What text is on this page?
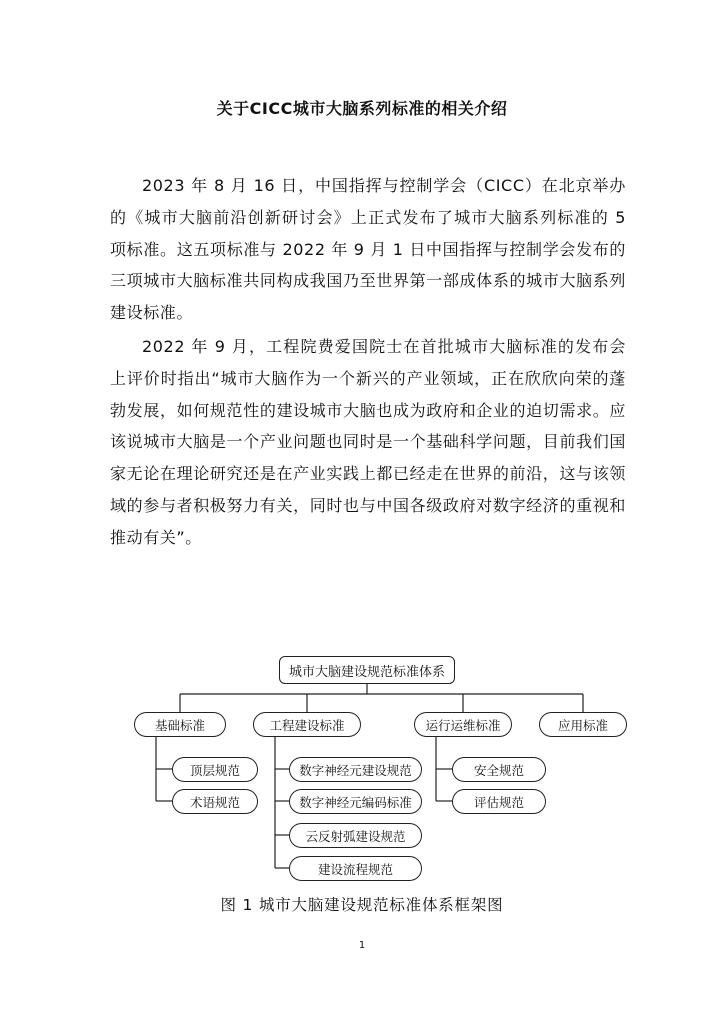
关于CICC城市大脑系列标准的相关介绍

2023 年 8 月 16 日，中国指挥与控制学会（CICC）在北京举办的《城市大脑前沿创新研讨会》上正式发布了城市大脑系列标准的 5 项标准。这五项标准与 2022 年 9 月 1 日中国指挥与控制学会发布的三项城市大脑标准共同构成我国乃至世界第一部成体系的城市大脑系列建设标准。

2022 年 9 月，工程院费爱国院士在首批城市大脑标准的发布会上评价时指出“城市大脑作为一个新兴的产业领域，正在欣欣向荣的蓬勃发展，如何规范性的建设城市大脑也成为政府和企业的迫切需求。应该说城市大脑是一个产业问题也同时是一个基础科学问题，目前我们国家无论在理论研究还是在产业实践上都已经走在世界的前沿，这与该领域的参与者积极努力有关，同时也与中国各级政府对数字经济的重视和推动有关”。

城市大脑建设规范标准体系
基础标准	工程建设标准	运行运维标准	应用标准
顶层规范
术语规范
数字神经元建设规范
数字神经元编码标准
云反射弧建设规范
建设流程规范
安全规范
评估规范
图 1 城市大脑建设规范标准体系框架图
1
